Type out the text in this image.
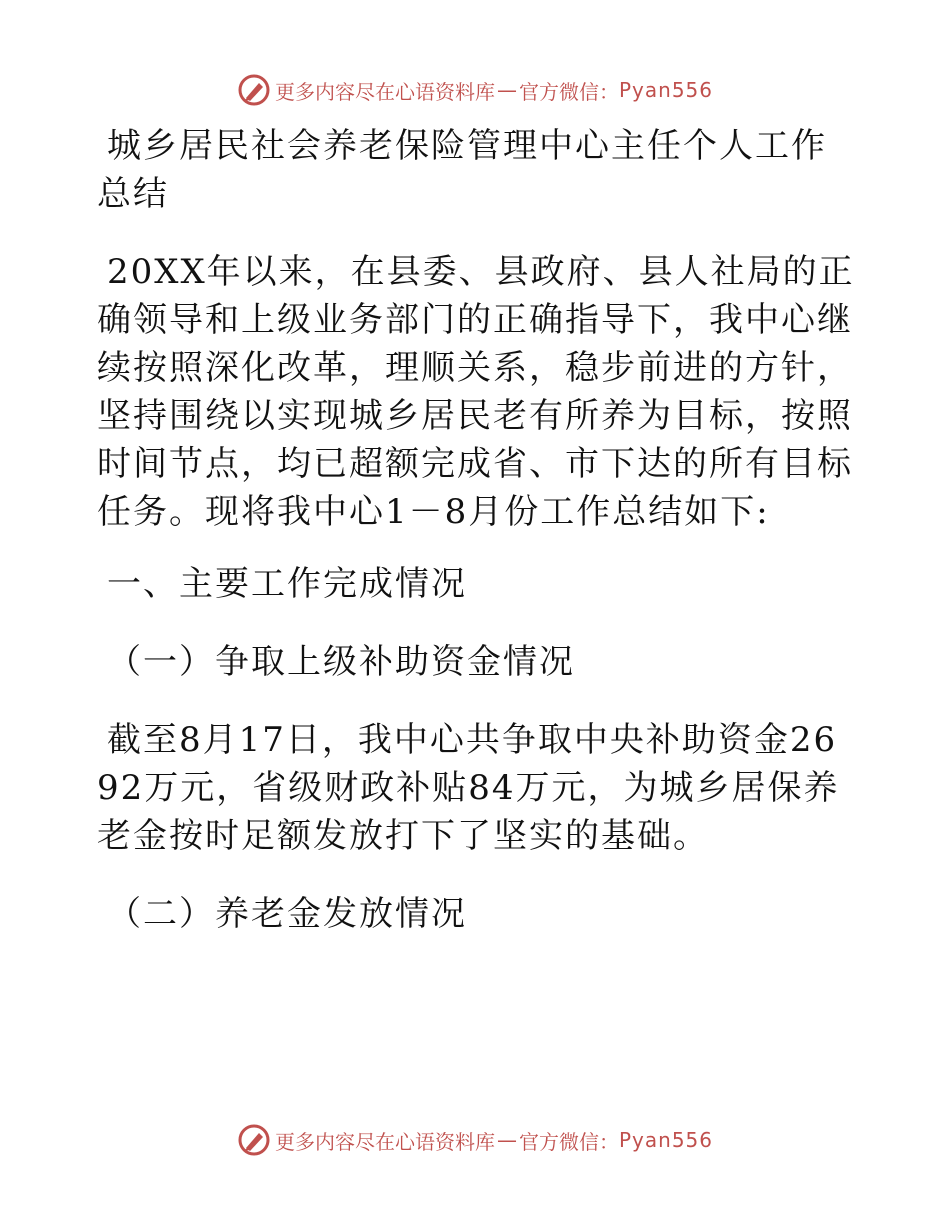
更多内容尽在心语资料库 — 官方微信： Pyan556

城乡居民社会养老保险管理中心主任个人工作总结

20XX年以来，在县委、县政府、县人社局的正确领导和上级业务部门的正确指导下，我中心继续按照深化改革，理顺关系，稳步前进的方针，坚持围绕以实现城乡居民老有所养为目标，按照时间节点，均已超额完成省、市下达的所有目标任务。现将我中心1－8月份工作总结如下:

一、主要工作完成情况

（一）争取上级补助资金情况

截至8月17日，我中心共争取中央补助资金2692万元，省级财政补贴84万元，为城乡居保养老金按时足额发放打下了坚实的基础。

（二）养老金发放情况

更多内容尽在心语资料库 — 官方微信： Pyan556
